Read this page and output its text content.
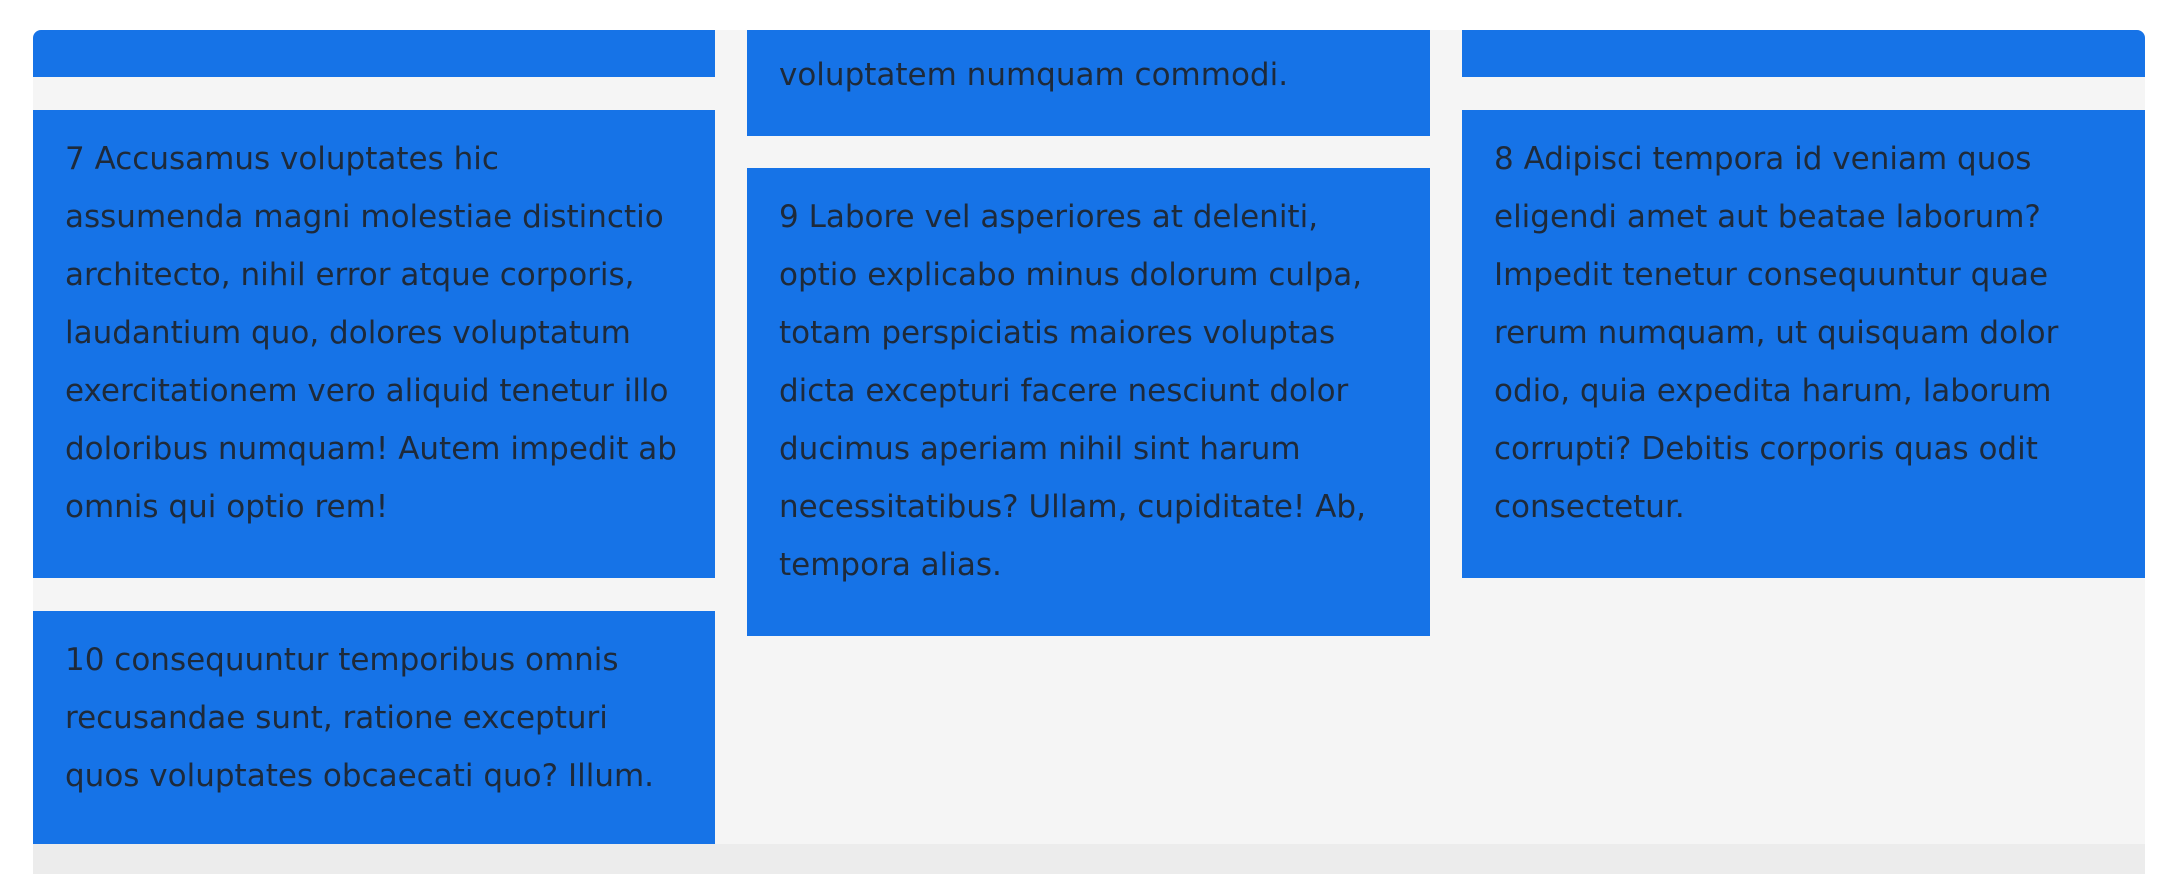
voluptatem numquam commodi.

7 Accusamus voluptates hic
assumenda magni molestiae distinctio
architecto, nihil error atque corporis,
laudantium quo, dolores voluptatum
exercitationem vero aliquid tenetur illo
doloribus numquam! Autem impedit ab
omnis qui optio rem!

9 Labore vel asperiores at deleniti,
optio explicabo minus dolorum culpa,
totam perspiciatis maiores voluptas
dicta excepturi facere nesciunt dolor
ducimus aperiam nihil sint harum
necessitatibus? Ullam, cupiditate! Ab,
tempora alias.

8 Adipisci tempora id veniam quos
eligendi amet aut beatae laborum?
Impedit tenetur consequuntur quae
rerum numquam, ut quisquam dolor
odio, quia expedita harum, laborum
corrupti? Debitis corporis quas odit
consectetur.

10 consequuntur temporibus omnis
recusandae sunt, ratione excepturi
quos voluptates obcaecati quo? Illum.
